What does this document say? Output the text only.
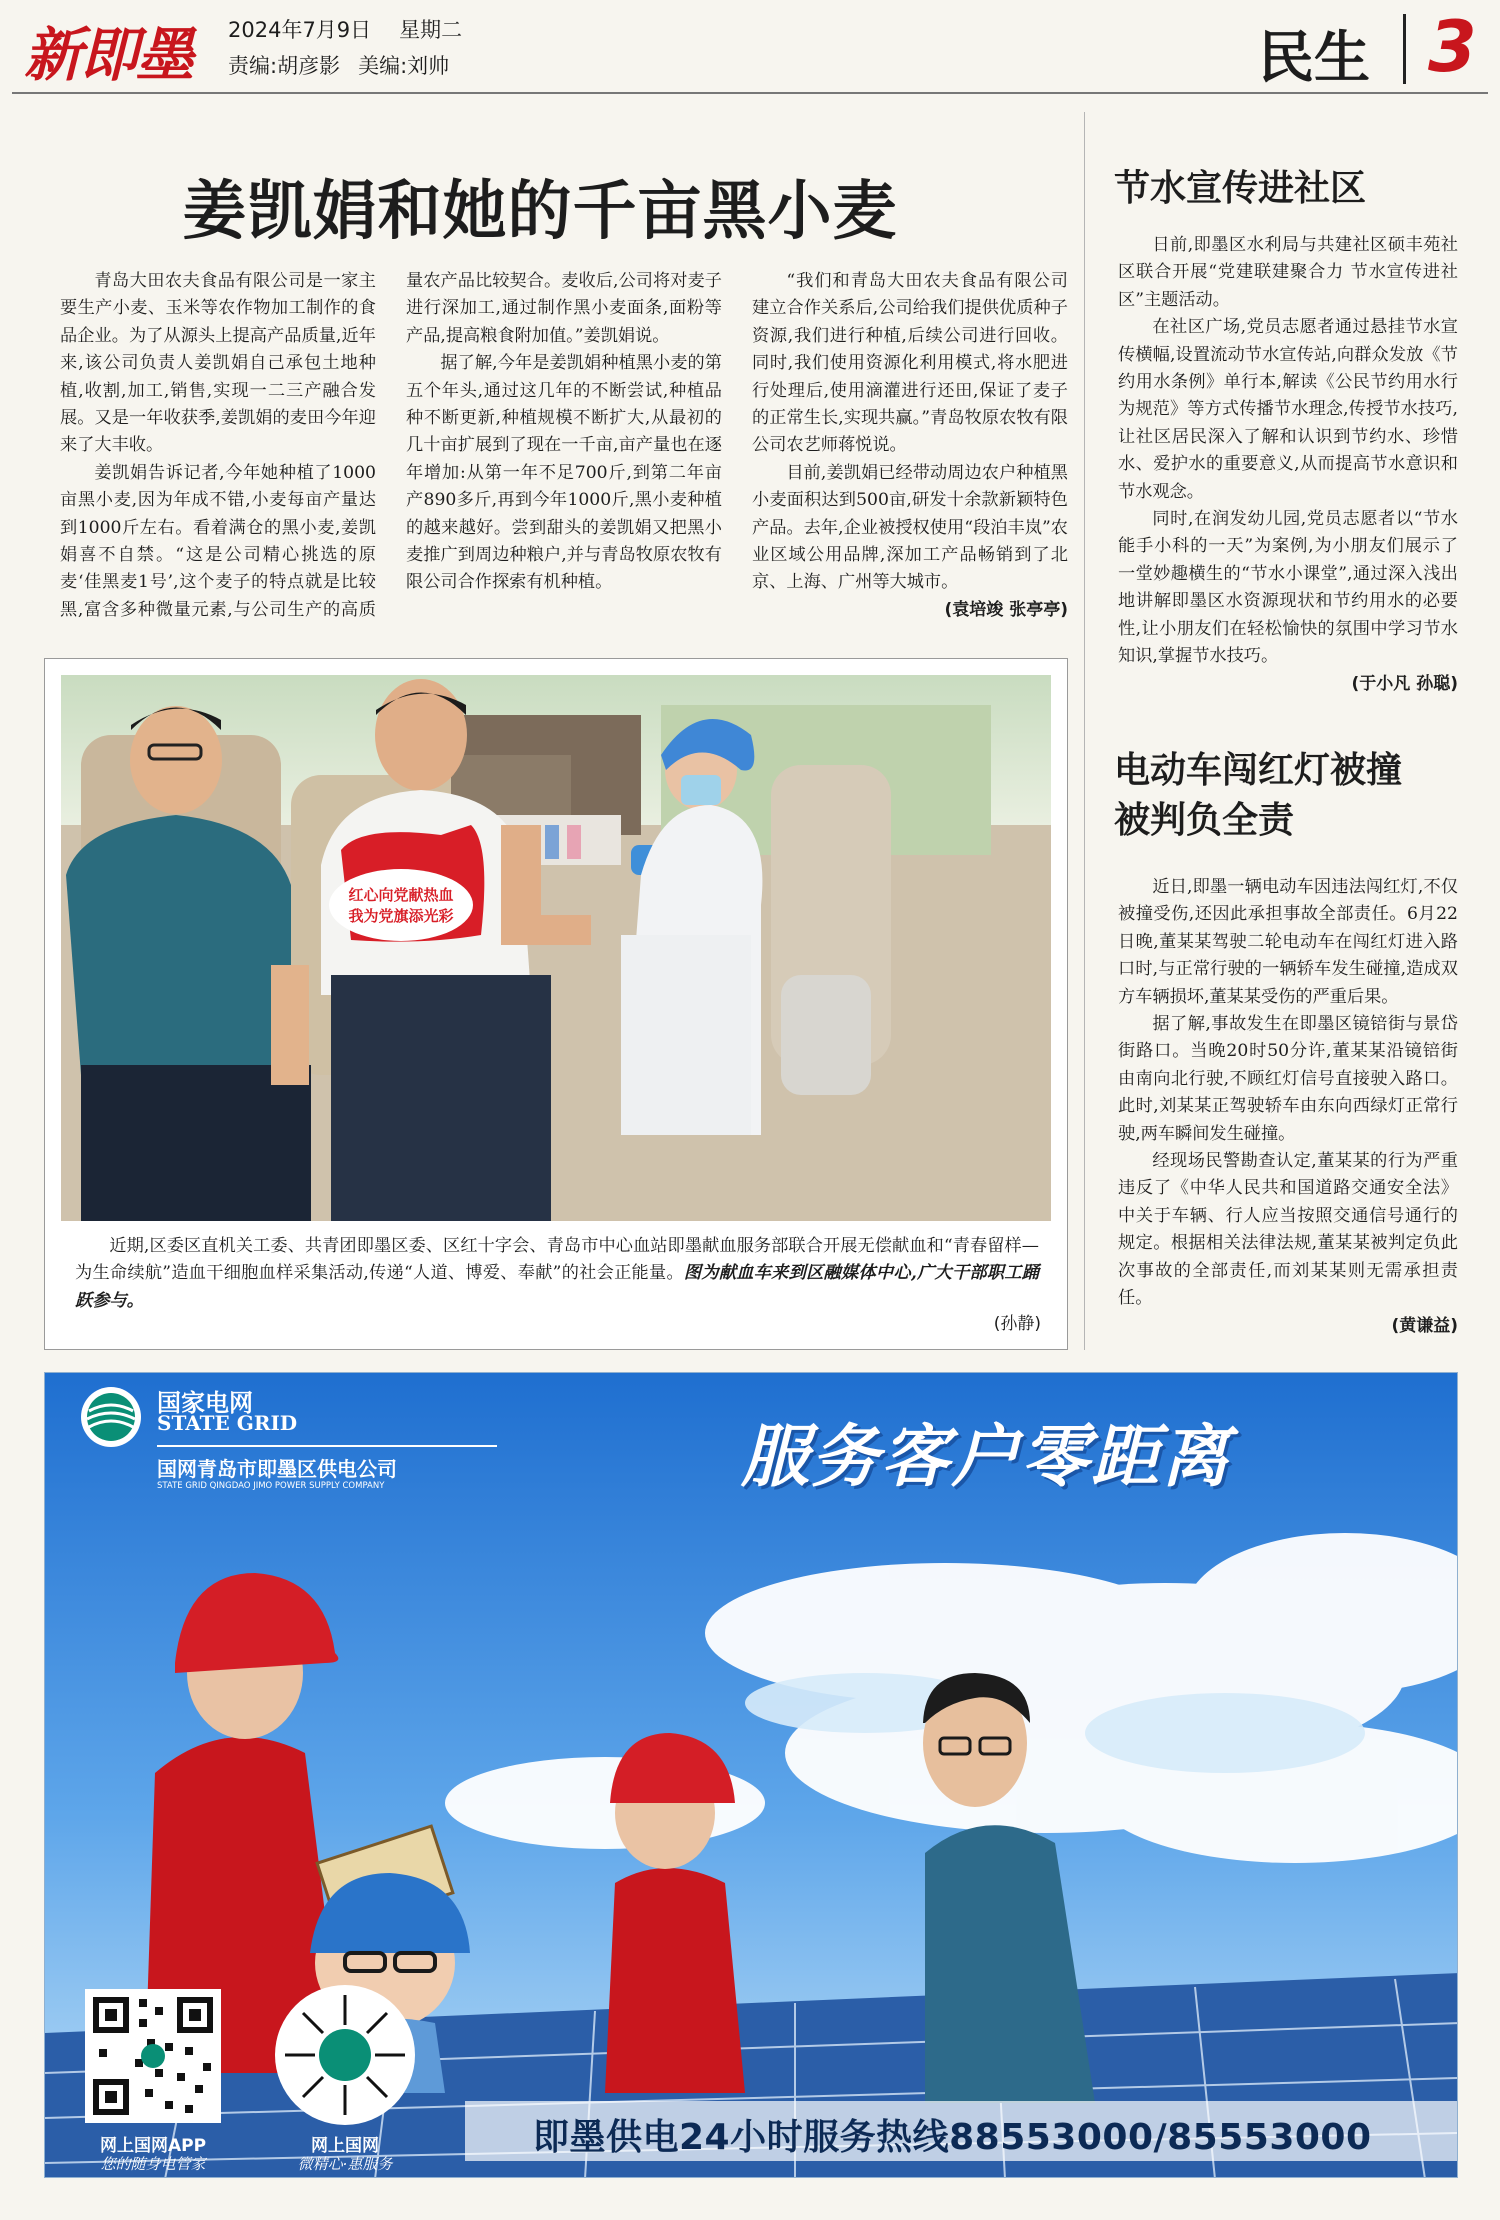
新即墨 2024年7月9日 星期二
责编:胡彦影 美编:刘帅	民生 3
姜凯娟和她的千亩黑小麦

青岛大田农夫食品有限公司是一家主要生产小麦、玉米等农作物加工制作的食品企业。为了从源头上提高产品质量,近年来,该公司负责人姜凯娟自己承包土地种植,收割,加工,销售,实现一二三产融合发展。又是一年收获季,姜凯娟的麦田今年迎来了大丰收。

姜凯娟告诉记者,今年她种植了1000亩黑小麦,因为年成不错,小麦每亩产量达到1000斤左右。看着满仓的黑小麦,姜凯娟喜不自禁。“这是公司精心挑选的原麦‘佳黑麦1号’,这个麦子的特点就是比较黑,富含多种微量元素,与公司生产的高质量农产品比较契合。麦收后,公司将对麦子进行深加工,通过制作黑小麦面条,面粉等产品,提高粮食附加值。”姜凯娟说。

据了解,今年是姜凯娟种植黑小麦的第五个年头,通过这几年的不断尝试,种植品种不断更新,种植规模不断扩大,从最初的几十亩扩展到了现在一千亩,亩产量也在逐年增加:从第一年不足700斤,到第二年亩产890多斤,再到今年1000斤,黑小麦种植的越来越好。尝到甜头的姜凯娟又把黑小麦推广到周边种粮户,并与青岛牧原农牧有限公司合作探索有机种植。

“我们和青岛大田农夫食品有限公司建立合作关系后,公司给我们提供优质种子资源,我们进行种植,后续公司进行回收。同时,我们使用资源化利用模式,将水肥进行处理后,使用滴灌进行还田,保证了麦子的正常生长,实现共赢。”青岛牧原农牧有限公司农艺师蒋悦说。

目前,姜凯娟已经带动周边农户种植黑小麦面积达到500亩,研发十余款新颖特色产品。去年,企业被授权使用“段泊丰岚”农业区域公用品牌,深加工产品畅销到了北京、上海、广州等大城市。

(袁培竣 张亭亭)
红心向党献热血
我为党旗添光彩

近期,区委区直机关工委、共青团即墨区委、区红十字会、青岛市中心血站即墨献血服务部联合开展无偿献血和“青春留样—为生命续航”造血干细胞血样采集活动,传递“人道、博爱、奉献”的社会正能量。图为献血车来到区融媒体中心,广大干部职工踊跃参与。

(孙静)
节水宣传进社区

日前,即墨区水利局与共建社区硕丰苑社区联合开展“党建联建聚合力 节水宣传进社区”主题活动。

在社区广场,党员志愿者通过悬挂节水宣传横幅,设置流动节水宣传站,向群众发放《节约用水条例》单行本,解读《公民节约用水行为规范》等方式传播节水理念,传授节水技巧,让社区居民深入了解和认识到节约水、珍惜水、爱护水的重要意义,从而提高节水意识和节水观念。

同时,在润发幼儿园,党员志愿者以“节水能手小科的一天”为案例,为小朋友们展示了一堂妙趣横生的“节水小课堂”,通过深入浅出地讲解即墨区水资源现状和节约用水的必要性,让小朋友们在轻松愉快的氛围中学习节水知识,掌握节水技巧。

(于小凡 孙聪)
电动车闯红灯被撞
被判负全责

近日,即墨一辆电动车因违法闯红灯,不仅被撞受伤,还因此承担事故全部责任。6月22日晚,董某某驾驶二轮电动车在闯红灯进入路口时,与正常行驶的一辆轿车发生碰撞,造成双方车辆损坏,董某某受伤的严重后果。

据了解,事故发生在即墨区镜锫街与景岱街路口。当晚20时50分许,董某某沿镜锫街由南向北行驶,不顾红灯信号直接驶入路口。此时,刘某某正驾驶轿车由东向西绿灯正常行驶,两车瞬间发生碰撞。

经现场民警勘查认定,董某某的行为严重违反了《中华人民共和国道路交通安全法》中关于车辆、行人应当按照交通信号通行的规定。根据相关法律法规,董某某被判定负此次事故的全部责任,而刘某某则无需承担责任。

(黄谦益)
国家电网
STATE GRID
国网青岛市即墨区供电公司
STATE GRID QINGDAO JIMO POWER SUPPLY COMPANY	服务客户零距离
网上国网APP
您的随身电管家
网上国网
微精心·惠服务
即墨供电24小时服务热线88553000/85553000
